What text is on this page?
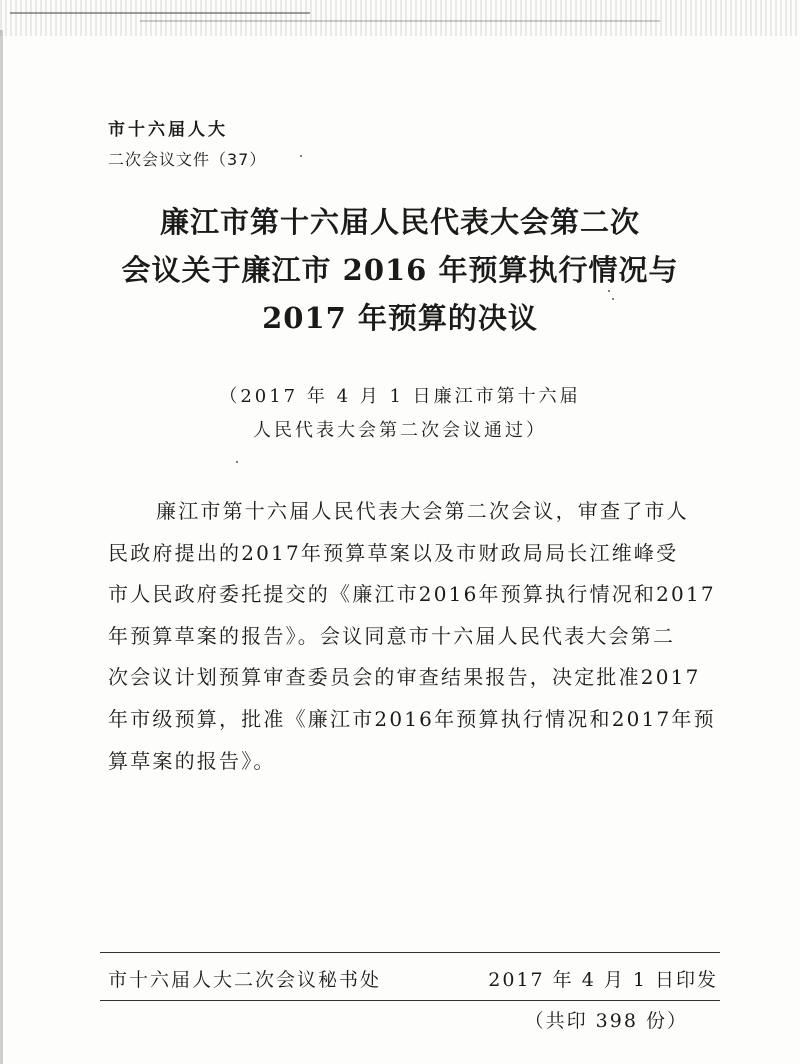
市十六届人大
二次会议文件（37）
廉江市第十六届人民代表大会第二次
会议关于廉江市 2016 年预算执行情况与
2017 年预算的决议
（2017 年 4 月 1 日廉江市第十六届
人民代表大会第二次会议通过）
廉江市第十六届人民代表大会第二次会议，审查了市人
民政府提出的2017年预算草案以及市财政局局长江维峰受
市人民政府委托提交的《廉江市2016年预算执行情况和2017
年预算草案的报告》。会议同意市十六届人民代表大会第二
次会议计划预算审查委员会的审查结果报告，决定批准2017
年市级预算，批准《廉江市2016年预算执行情况和2017年预
算草案的报告》。
市十六届人大二次会议秘书处	2017 年 4 月 1 日印发
（共印 398 份）
